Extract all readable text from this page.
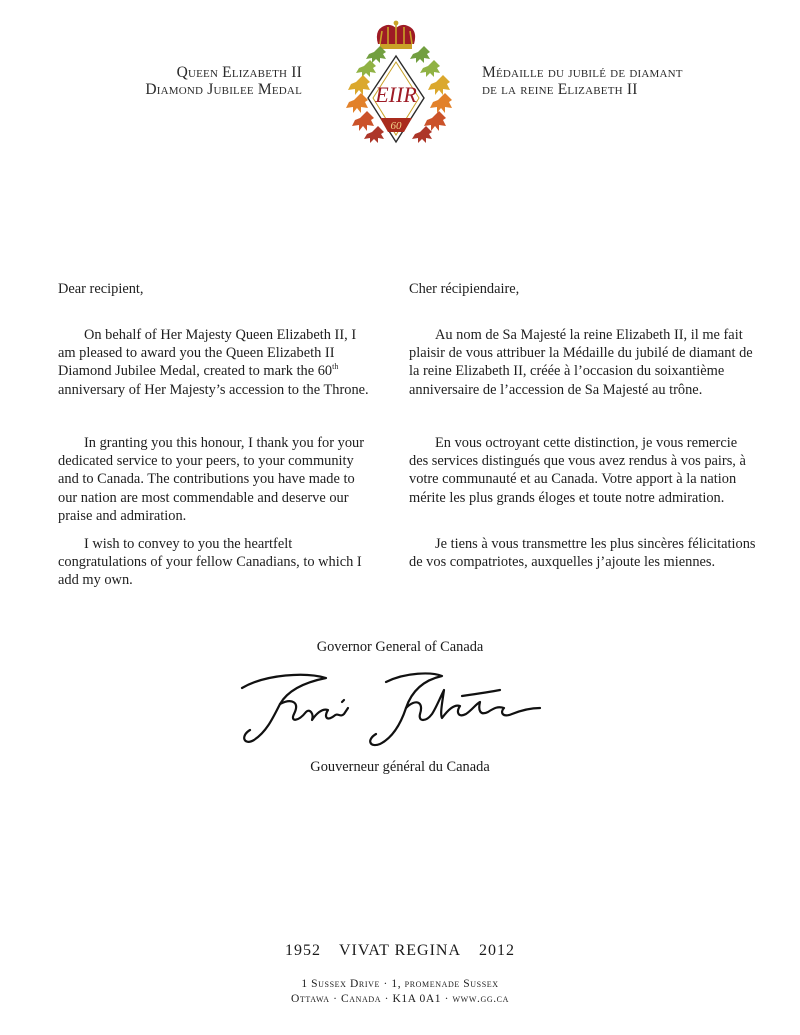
Queen Elizabeth II
Diamond Jubilee Medal
Médaille du jubilé de diamant
de la reine Elizabeth II
EIIR
60

Dear recipient,

On behalf of Her Majesty Queen Elizabeth II, I am pleased to award you the Queen Elizabeth II Diamond Jubilee Medal, created to mark the 60th anniversary of Her Majesty’s accession to the Throne.

In granting you this honour, I thank you for your dedicated service to your peers, to your community and to Canada. The contributions you have made to our nation are most commendable and deserve our praise and admiration.

I wish to convey to you the heartfelt congratulations of your fellow Canadians, to which I add my own.

Cher récipiendaire,

Au nom de Sa Majesté la reine Elizabeth II, il me fait plaisir de vous attribuer la Médaille du jubilé de diamant de la reine Elizabeth II, créée à l’occasion du soixantième anniversaire de l’accession de Sa Majesté au trône.

En vous octroyant cette distinction, je vous remercie des services distingués que vous avez rendus à vos pairs, à votre communauté et au Canada. Votre apport à la nation mérite les plus grands éloges et toute notre admiration.

Je tiens à vous transmettre les plus sincères félicitations de vos compatriotes, auxquelles j’ajoute les miennes.

Governor General of Canada
Gouverneur général du Canada
1952 VIVAT REGINA 2012
1 Sussex Drive · 1, promenade Sussex
Ottawa · Canada · K1A 0A1 · www.gg.ca
